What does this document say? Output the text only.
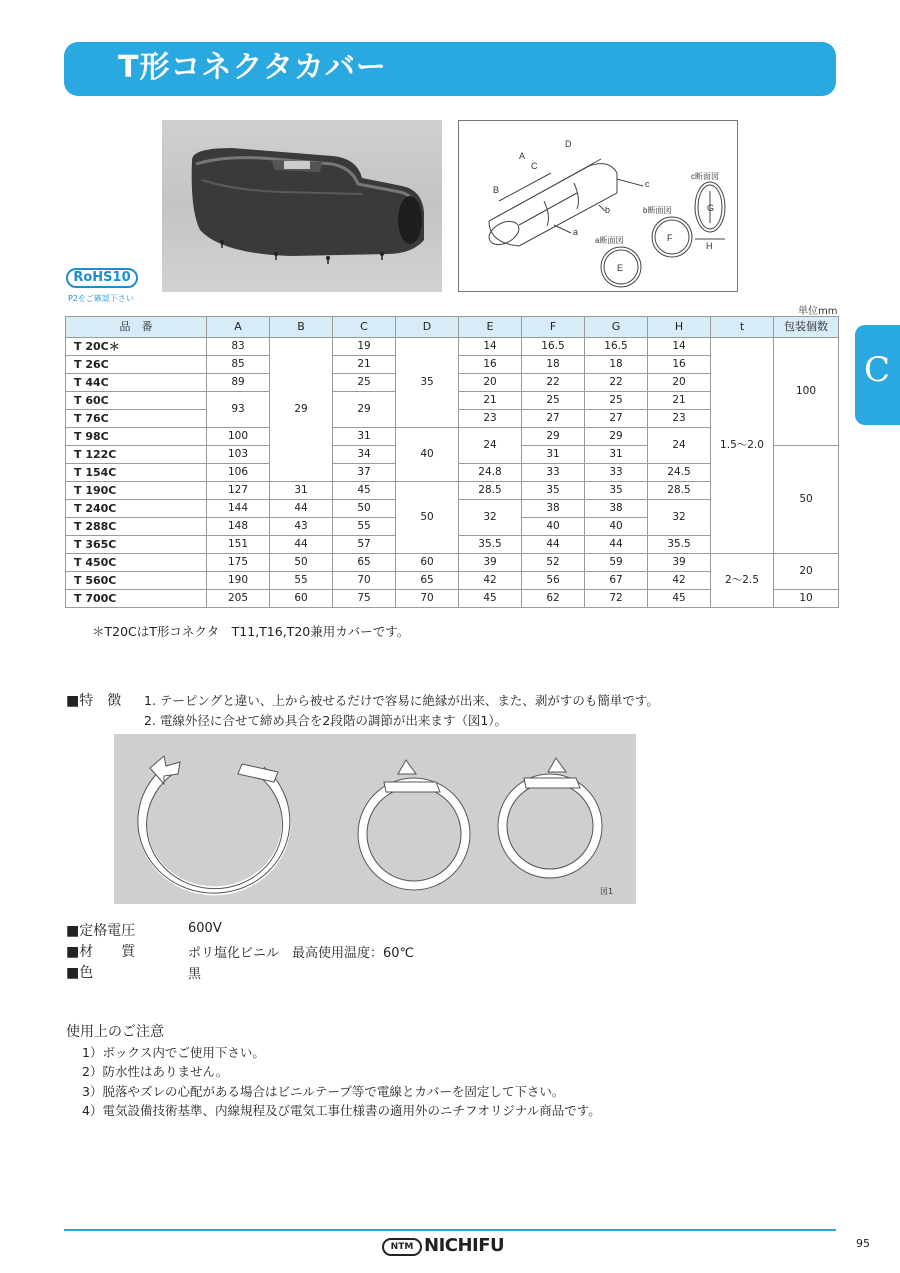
T形コネクタカバー
C
A
B
C
D
c
b
a
E
F
G
H
a断面図
b断面図
c断面図
RoHS10
P2をご確認下さい
単位mm
品　番	A	B	C	D	E	F	G	H	t	包装個数
T 20C＊	83	29	19	35	14	16.5	16.5	14	1.5〜2.0	100
T 26C	85		21		16	18	18	16		
T 44C	89		25		20	22	22	20		
T 60C	93		29		21	25	25	21		
T 76C					23	27	27	23		
T 98C	100		31	40	24	29	29	24		
T 122C	103		34			31	31			50
T 154C	106		37		24.8	33	33	24.5		
T 190C	127	31	45	50	28.5	35	35	28.5		
T 240C	144	44	50		32	38	38	32		
T 288C	148	43	55			40	40			
T 365C	151	44	57		35.5	44	44	35.5		
T 450C	175	50	65	60	39	52	59	39	2〜2.5	20
T 560C	190	55	70	65	42	56	67	42		
T 700C	205	60	75	70	45	62	72	45		10
＊T20CはT形コネクタ　T11,T16,T20兼用カバーです。
■特　徴 1. テーピングと違い、上から被せるだけで容易に絶縁が出来、また、剥がすのも簡単です。
2. 電線外径に合せて締め具合を2段階の調節が出来ます（図1）。
図1
■定格電圧	600V
■材　　質	ポリ塩化ビニル　最高使用温度：60℃
■色	黒
使用上のご注意
1）ボックス内でご使用下さい。
2）防水性はありません。
3）脱落やズレの心配がある場合はビニルテープ等で電線とカバーを固定して下さい。
4）電気設備技術基準、内線規程及び電気工事仕様書の適用外のニチフオリジナル商品です。
NTM NICHIFU	95
